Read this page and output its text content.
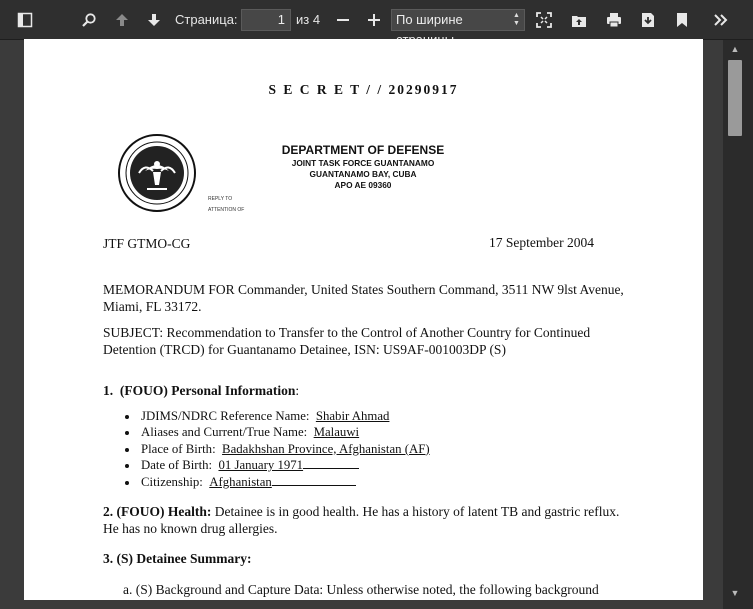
Страница:	1 из 4	По ширине	▲
▼
S E C R E T / / 20290917
REPLY TO
ATTENTION OF
DEPARTMENT OF DEFENSE
JOINT TASK FORCE GUANTANAMO
GUANTANAMO BAY, CUBA
APO AE 09360
JTF GTMO-CG	17 September 2004
MEMORANDUM FOR Commander, United States Southern Command, 3511 NW 9lst Avenue,
Miami, FL 33172.
SUBJECT: Recommendation to Transfer to the Control of Another Country for Continued
Detention (TRCD) for Guantanamo Detainee, ISN: US9AF-001003DP (S)
1. (FOUO) Personal Information:
• JDIMS/NDRC Reference Name: Shabir Ahmad
• Aliases and Current/True Name: Malauwi
• Place of Birth: Badakhshan Province, Afghanistan (AF)
• Date of Birth: 01 January 1971
• Citizenship: Afghanistan
2. (FOUO) Health: Detainee is in good health. He has a history of latent TB and gastric reflux.
He has no known drug allergies.
3. (S) Detainee Summary:
a. (S) Background and Capture Data: Unless otherwise noted, the following background
▲
▼
